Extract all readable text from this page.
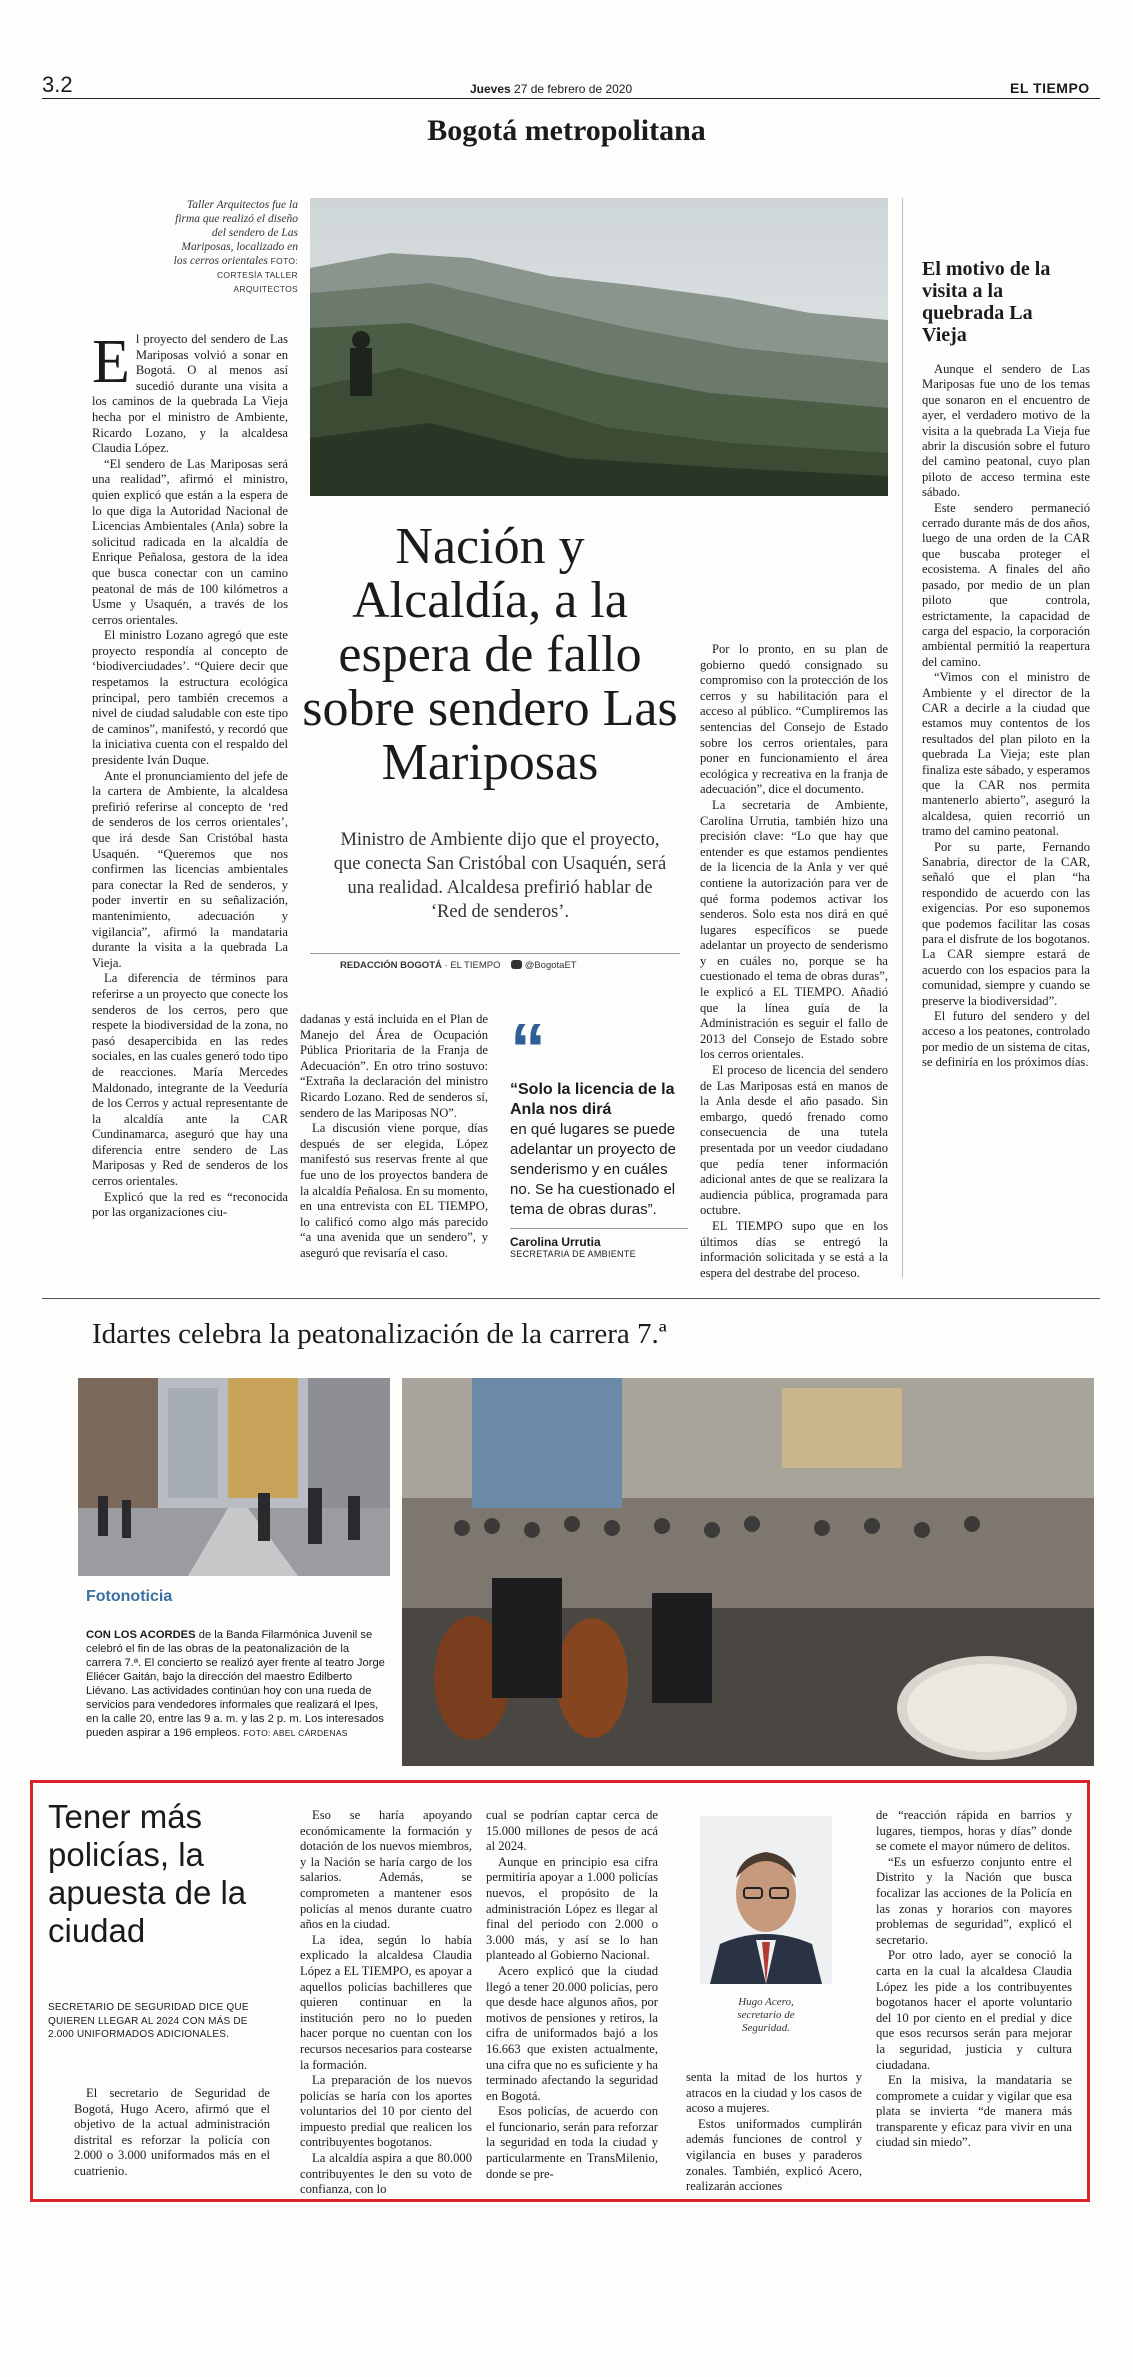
3.2	Jueves 27 de febrero de 2020	EL TIEMPO
Bogotá metropolitana
Taller Arquitectos fue la firma que realizó el diseño del sendero de Las Mariposas, localizado en los cerros orientales FOTO: CORTESÍA TALLER ARQUITECTOS
Nación y Alcaldía, a la espera de fallo sobre sendero Las Mariposas
Ministro de Ambiente dijo que el proyecto, que conecta San Cristóbal con Usaquén, será una realidad. Alcaldesa prefirió hablar de ‘Red de senderos’.
REDACCIÓN BOGOTÁ · EL TIEMPO	@BogotaET

El proyecto del sendero de Las Mariposas volvió a sonar en Bogotá. O al menos así sucedió durante una visita a los caminos de la quebrada La Vieja hecha por el ministro de Ambiente, Ricardo Lozano, y la alcaldesa Claudia López.

“El sendero de Las Mariposas será una realidad”, afirmó el ministro, quien explicó que están a la espera de lo que diga la Autoridad Nacional de Licencias Ambientales (Anla) sobre la solicitud radicada en la alcaldía de Enrique Peñalosa, gestora de la idea que busca conectar con un camino peatonal de más de 100 kilómetros a Usme y Usaquén, a través de los cerros orientales.

El ministro Lozano agregó que este proyecto respondía al concepto de ‘biodiverciudades’. “Quiere decir que respetamos la estructura ecológica principal, pero también crecemos a nivel de ciudad saludable con este tipo de caminos”, manifestó, y recordó que la iniciativa cuenta con el respaldo del presidente Iván Duque.

Ante el pronunciamiento del jefe de la cartera de Ambiente, la alcaldesa prefirió referirse al concepto de ‘red de senderos de los cerros orientales’, que irá desde San Cristóbal hasta Usaquén. “Queremos que nos confirmen las licencias ambientales para conectar la Red de senderos, y poder invertir en su señalización, mantenimiento, adecuación y vigilancia”, afirmó la mandataria durante la visita a la quebrada La Vieja.

La diferencia de términos para referirse a un proyecto que conecte los senderos de los cerros, pero que respete la biodiversidad de la zona, no pasó desapercibida en las redes sociales, en las cuales generó todo tipo de reacciones. María Mercedes Maldonado, integrante de la Veeduría de los Cerros y actual representante de la alcaldía ante la CAR Cundinamarca, aseguró que hay una diferencia entre sendero de Las Mariposas y Red de senderos de los cerros orientales.

Explicó que la red es “reconocida por las organizaciones ciu-

dadanas y está incluida en el Plan de Manejo del Área de Ocupación Pública Prioritaria de la Franja de Adecuación”. En otro trino sostuvo: “Extraña la declaración del ministro Ricardo Lozano. Red de senderos sí, sendero de las Mariposas NO”.

La discusión viene porque, días después de ser elegida, López manifestó sus reservas frente al que fue uno de los proyectos bandera de la alcaldía Peñalosa. En su momento, en una entrevista con EL TIEMPO, lo calificó como algo más parecido “a una avenida que un sendero”, y aseguró que revisaría el caso.

“
“Solo la licencia de la Anla nos dirá
en qué lugares se puede adelantar un proyecto de senderismo y en cuáles no. Se ha cuestionado el tema de obras duras”.
Carolina Urrutia
SECRETARIA DE AMBIENTE

Por lo pronto, en su plan de gobierno quedó consignado su compromiso con la protección de los cerros y su habilitación para el acceso al público. “Cumpliremos las sentencias del Consejo de Estado sobre los cerros orientales, para poner en funcionamiento el área ecológica y recreativa en la franja de adecuación”, dice el documento.

La secretaria de Ambiente, Carolina Urrutia, también hizo una precisión clave: “Lo que hay que entender es que estamos pendientes de la licencia de la Anla y ver qué contiene la autorización para ver de qué forma podemos activar los senderos. Solo esta nos dirá en qué lugares específicos se puede adelantar un proyecto de senderismo y en cuáles no, porque se ha cuestionado el tema de obras duras”, le explicó a EL TIEMPO. Añadió que la línea guía de la Administración es seguir el fallo de 2013 del Consejo de Estado sobre los cerros orientales.

El proceso de licencia del sendero de Las Mariposas está en manos de la Anla desde el año pasado. Sin embargo, quedó frenado como consecuencia de una tutela presentada por un veedor ciudadano que pedía tener información adicional antes de que se realizara la audiencia pública, programada para octubre.

EL TIEMPO supo que en los últimos días se entregó la información solicitada y se está a la espera del destrabe del proceso.

El motivo de la visita a la quebrada La Vieja

Aunque el sendero de Las Mariposas fue uno de los temas que sonaron en el encuentro de ayer, el verdadero motivo de la visita a la quebrada La Vieja fue abrir la discusión sobre el futuro del camino peatonal, cuyo plan piloto de acceso termina este sábado.

Este sendero permaneció cerrado durante más de dos años, luego de una orden de la CAR que buscaba proteger el ecosistema. A finales del año pasado, por medio de un plan piloto que controla, estrictamente, la capacidad de carga del espacio, la corporación ambiental permitió la reapertura del camino.

“Vimos con el ministro de Ambiente y el director de la CAR a decirle a la ciudad que estamos muy contentos de los resultados del plan piloto en la quebrada La Vieja; este plan finaliza este sábado, y esperamos que la CAR nos permita mantenerlo abierto”, aseguró la alcaldesa, quien recorrió un tramo del camino peatonal.

Por su parte, Fernando Sanabria, director de la CAR, señaló que el plan “ha respondido de acuerdo con las exigencias. Por eso suponemos que podemos facilitar las cosas para el disfrute de los bogotanos. La CAR siempre estará de acuerdo con los espacios para la comunidad, siempre y cuando se preserve la biodiversidad”.

El futuro del sendero y del acceso a los peatones, controlado por medio de un sistema de citas, se definiría en los próximos días.

Idartes celebra la peatonalización de la carrera 7.ª
Fotonoticia
CON LOS ACORDES de la Banda Filarmónica Juvenil se celebró el fin de las obras de la peatonalización de la carrera 7.ª. El concierto se realizó ayer frente al teatro Jorge Eliécer Gaitán, bajo la dirección del maestro Edilberto Liévano. Las actividades continúan hoy con una rueda de servicios para vendedores informales que realizará el Ipes, en la calle 20, entre las 9 a. m. y las 2 p. m. Los interesados pueden aspirar a 196 empleos. FOTO: ABEL CÁRDENAS
Tener más policías, la apuesta de la ciudad
SECRETARIO DE SEGURIDAD DICE QUE QUIEREN LLEGAR AL 2024 CON MÁS DE 2.000 UNIFORMADOS ADICIONALES.

El secretario de Seguridad de Bogotá, Hugo Acero, afirmó que el objetivo de la actual administración distrital es reforzar la policía con 2.000 o 3.000 uniformados más en el cuatrienio.

Eso se haría apoyando económicamente la formación y dotación de los nuevos miembros, y la Nación se haría cargo de los salarios. Además, se comprometen a mantener esos policías al menos durante cuatro años en la ciudad.

La idea, según lo había explicado la alcaldesa Claudia López a EL TIEMPO, es apoyar a aquellos policías bachilleres que quieren continuar en la institución pero no lo pueden hacer porque no cuentan con los recursos necesarios para costearse la formación.

La preparación de los nuevos policías se haría con los aportes voluntarios del 10 por ciento del impuesto predial que realicen los contribuyentes bogotanos.

La alcaldía aspira a que 80.000 contribuyentes le den su voto de confianza, con lo

cual se podrían captar cerca de 15.000 millones de pesos de acá al 2024.

Aunque en principio esa cifra permitiría apoyar a 1.000 policías nuevos, el propósito de la administración López es llegar al final del periodo con 2.000 o 3.000 más, y así se lo han planteado al Gobierno Nacional.

Acero explicó que la ciudad llegó a tener 20.000 policías, pero que desde hace algunos años, por motivos de pensiones y retiros, la cifra de uniformados bajó a los 16.663 que existen actualmente, una cifra que no es suficiente y ha terminado afectando la seguridad en Bogotá.

Esos policías, de acuerdo con el funcionario, serán para reforzar la seguridad en toda la ciudad y particularmente en TransMilenio, donde se pre-

Hugo Acero, secretario de Seguridad.

senta la mitad de los hurtos y atracos en la ciudad y los casos de acoso a mujeres.

Estos uniformados cumplirán además funciones de control y vigilancia en buses y paraderos zonales. También, explicó Acero, realizarán acciones

de “reacción rápida en barrios y lugares, tiempos, horas y días” donde se comete el mayor número de delitos.

“Es un esfuerzo conjunto entre el Distrito y la Nación que busca focalizar las acciones de la Policía en las zonas y horarios con mayores problemas de seguridad”, explicó el secretario.

Por otro lado, ayer se conoció la carta en la cual la alcaldesa Claudia López les pide a los contribuyentes bogotanos hacer el aporte voluntario del 10 por ciento en el predial y dice que esos recursos serán para mejorar la seguridad, justicia y cultura ciudadana.

En la misiva, la mandataria se compromete a cuidar y vigilar que esa plata se invierta “de manera más transparente y eficaz para vivir en una ciudad sin miedo”.
